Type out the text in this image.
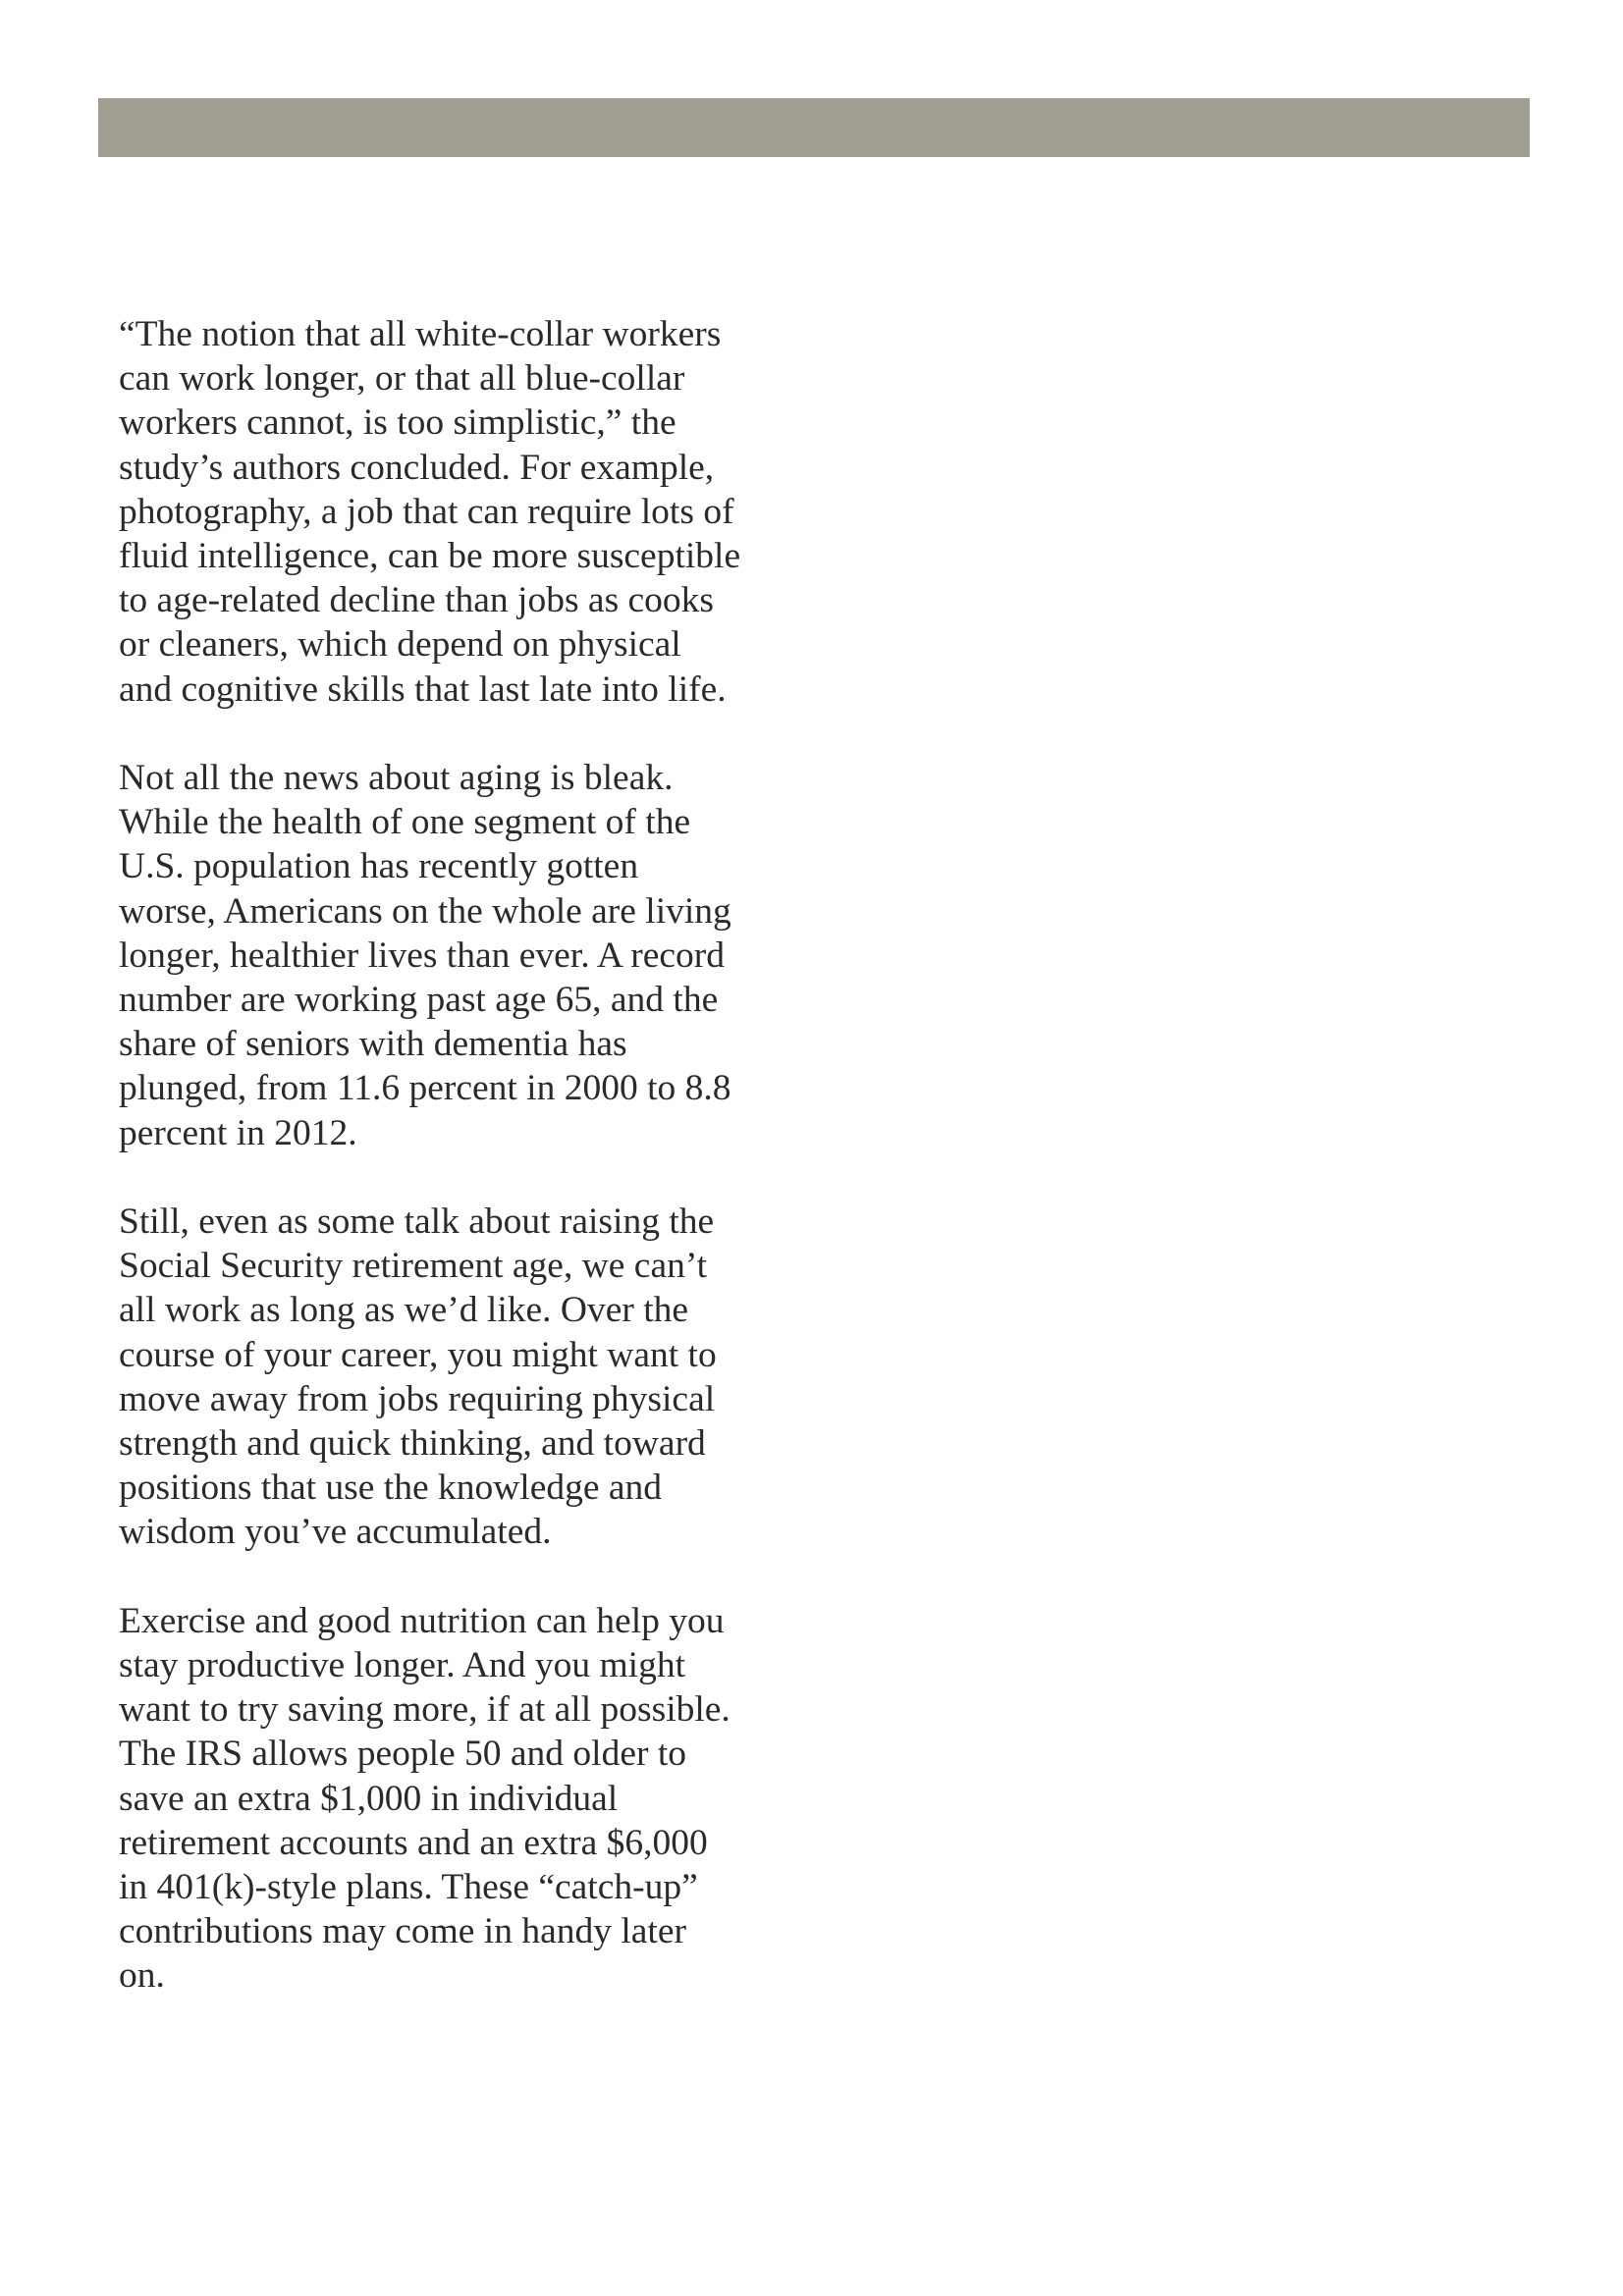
“The notion that all white-collar workers
can work longer, or that all blue-collar
workers cannot, is too simplistic,” the
study’s authors concluded. For example,
photography, a job that can require lots of
fluid intelligence, can be more susceptible
to age-related decline than jobs as cooks
or cleaners, which depend on physical
and cognitive skills that last late into life.

Not all the news about aging is bleak.
While the health of one segment of the
U.S. population has recently gotten
worse, Americans on the whole are living
longer, healthier lives than ever. A record
number are working past age 65, and the
share of seniors with dementia has
plunged, from 11.6 percent in 2000 to 8.8
percent in 2012.

Still, even as some talk about raising the
Social Security retirement age, we can’t
all work as long as we’d like. Over the
course of your career, you might want to
move away from jobs requiring physical
strength and quick thinking, and toward
positions that use the knowledge and
wisdom you’ve accumulated.

Exercise and good nutrition can help you
stay productive longer. And you might
want to try saving more, if at all possible.
The IRS allows people 50 and older to
save an extra $1,000 in individual
retirement accounts and an extra $6,000
in 401(k)-style plans. These “catch-up”
contributions may come in handy later
on.
